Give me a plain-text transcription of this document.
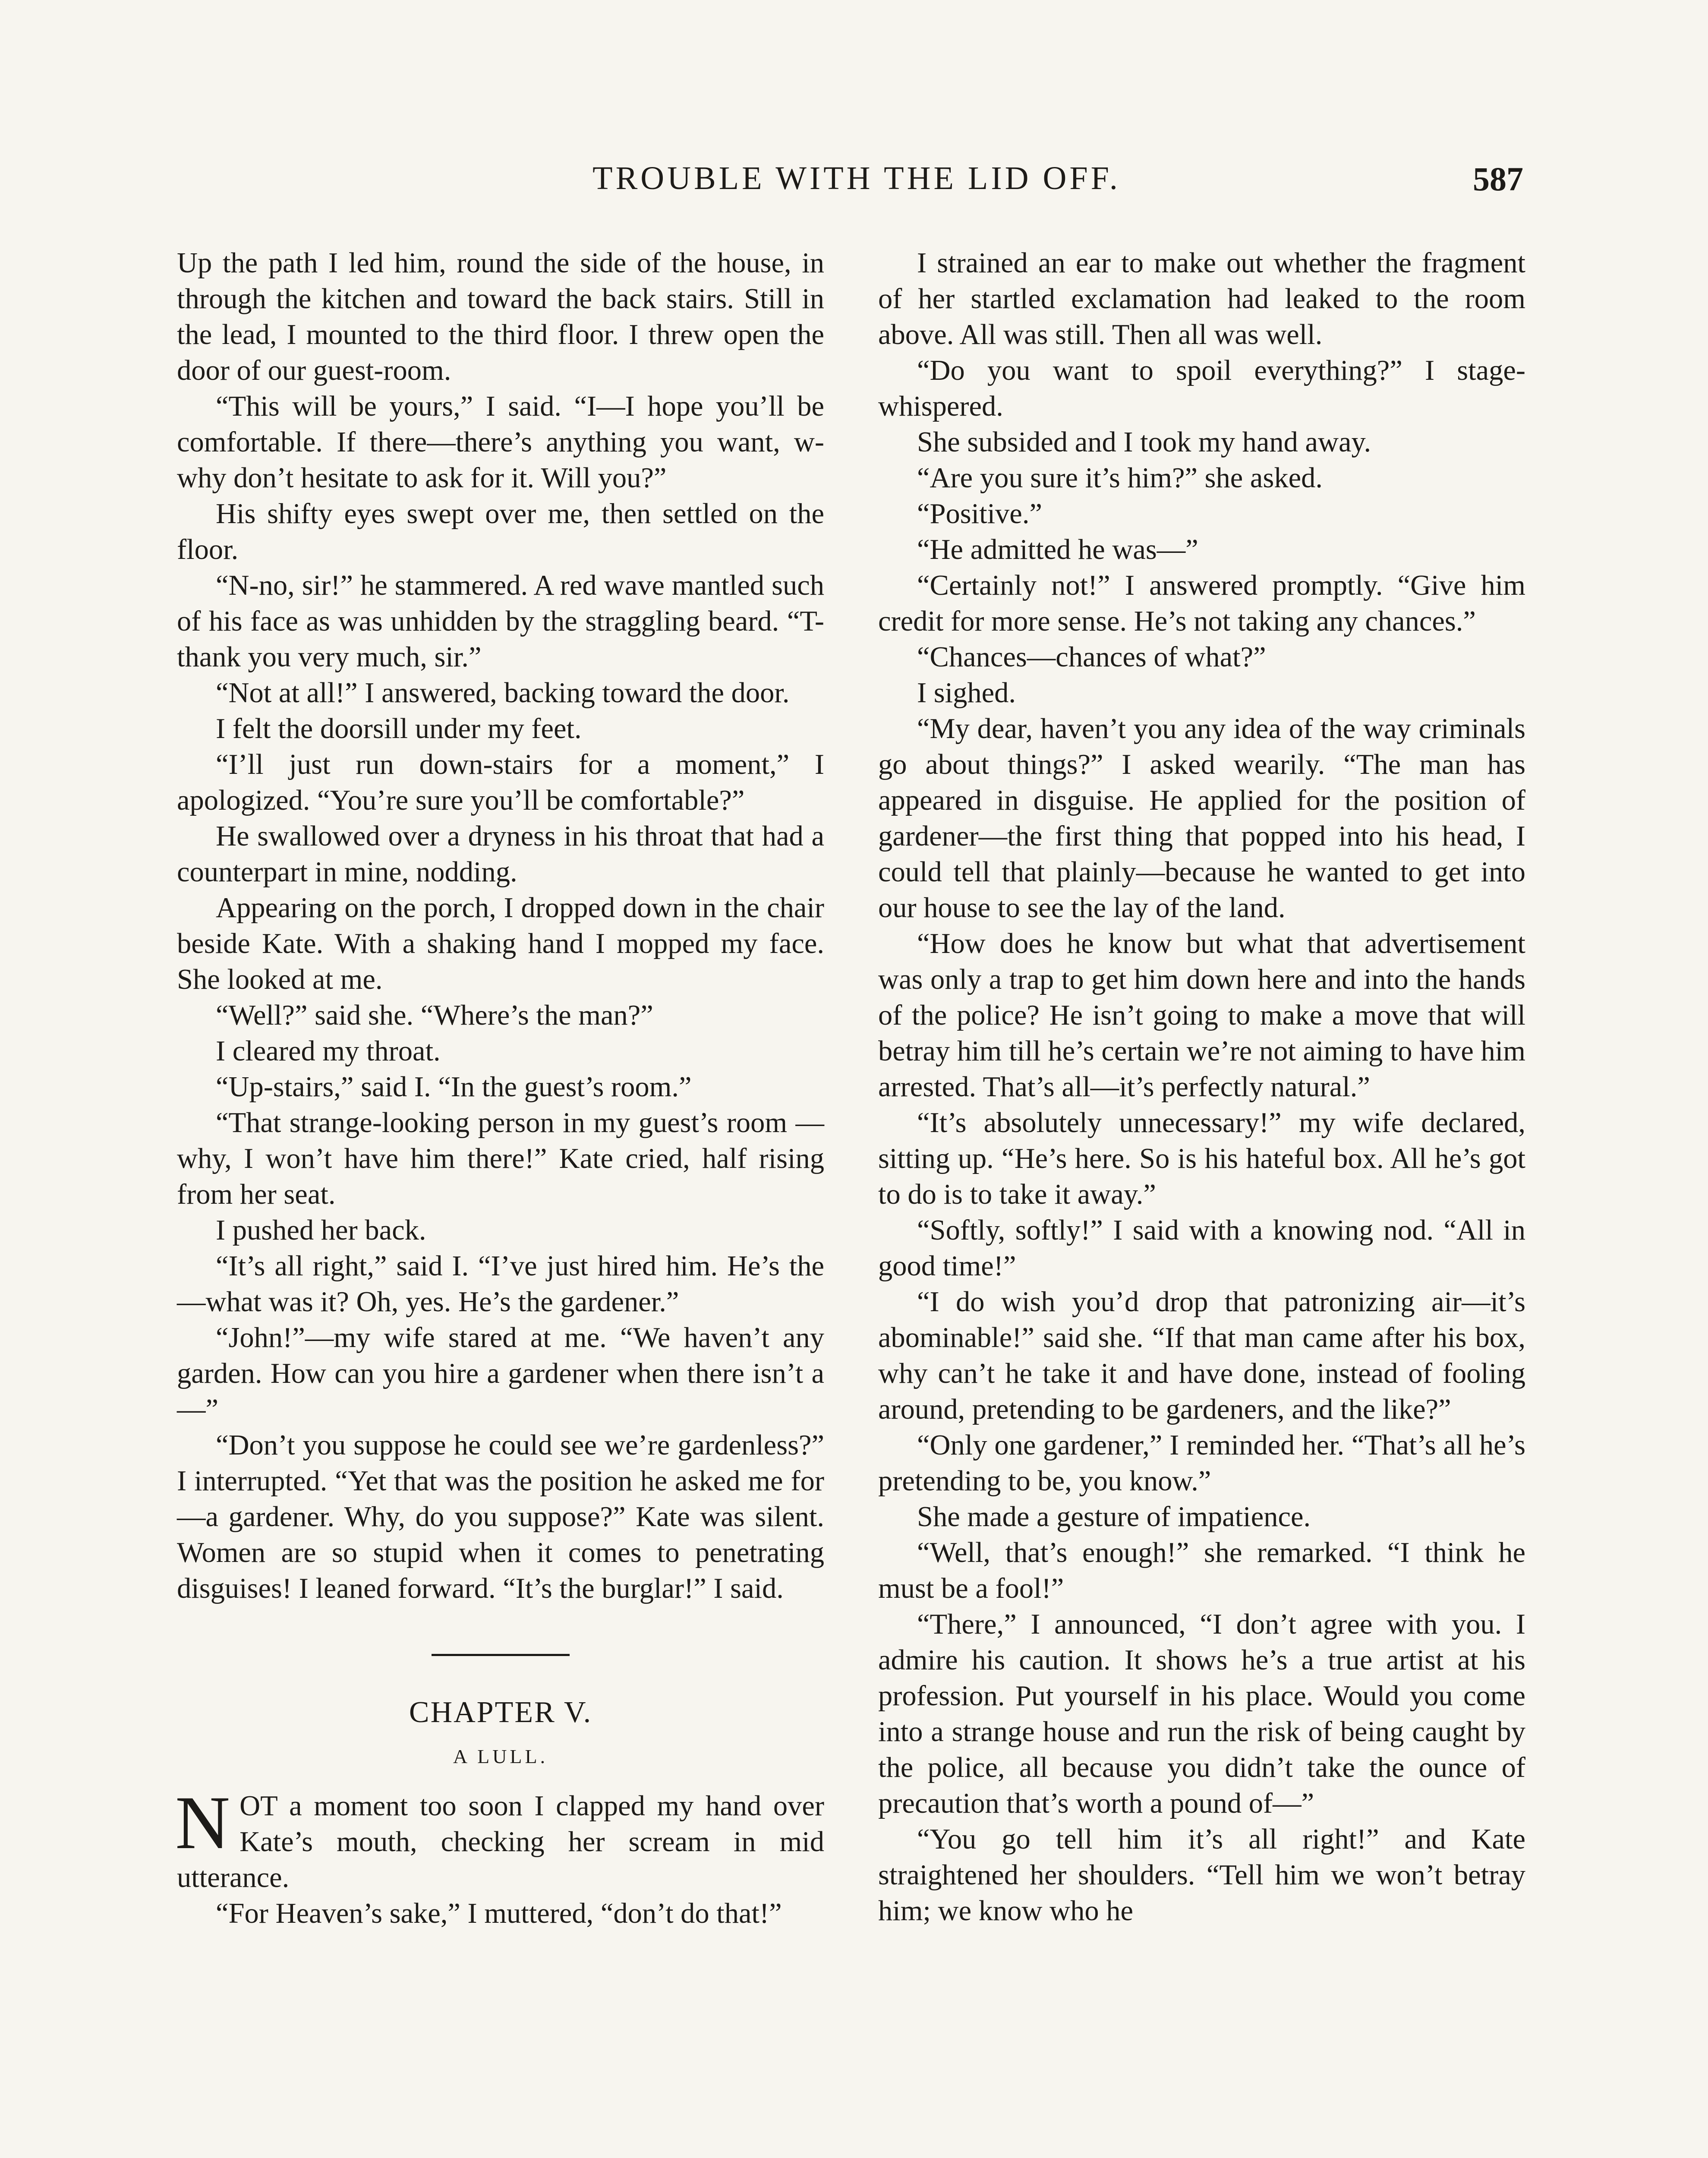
TROUBLE WITH THE LID OFF.	587

Up the path I led him, round the side of the house, in through the kitchen and toward the back stairs. Still in the lead, I mounted to the third floor. I threw open the door of our guest-room.

“This will be yours,” I said. “I—I hope you’ll be comfortable. If there—there’s anything you want, w-why don’t hesitate to ask for it. Will you?”

His shifty eyes swept over me, then settled on the floor.

“N-no, sir!” he stammered. A red wave mantled such of his face as was unhidden by the straggling beard. “T-thank you very much, sir.”

“Not at all!” I answered, backing toward the door.

I felt the doorsill under my feet.

“I’ll just run down-stairs for a moment,” I apologized. “You’re sure you’ll be comfortable?”

He swallowed over a dryness in his throat that had a counterpart in mine, nodding.

Appearing on the porch, I dropped down in the chair beside Kate. With a shaking hand I mopped my face. She looked at me.

“Well?” said she. “Where’s the man?”

I cleared my throat.

“Up-stairs,” said I. “In the guest’s room.”

“That strange-looking person in my guest’s room — why, I won’t have him there!” Kate cried, half rising from her seat.

I pushed her back.

“It’s all right,” said I. “I’ve just hired him. He’s the—what was it? Oh, yes. He’s the gardener.”

“John!”—my wife stared at me. “We haven’t any garden. How can you hire a gardener when there isn’t a—”

“Don’t you suppose he could see we’re gardenless?” I interrupted. “Yet that was the position he asked me for—a gardener. Why, do you suppose?” Kate was silent. Women are so stupid when it comes to penetrating disguises! I leaned forward. “It’s the burglar!” I said.

CHAPTER V.
A LULL.

NOT a moment too soon I clapped my hand over Kate’s mouth, checking her scream in mid utterance.

“For Heaven’s sake,” I muttered, “don’t do that!”

I strained an ear to make out whether the fragment of her startled exclamation had leaked to the room above. All was still. Then all was well.

“Do you want to spoil everything?” I stage-whispered.

She subsided and I took my hand away.

“Are you sure it’s him?” she asked.

“Positive.”

“He admitted he was—”

“Certainly not!” I answered promptly. “Give him credit for more sense. He’s not taking any chances.”

“Chances—chances of what?”

I sighed.

“My dear, haven’t you any idea of the way criminals go about things?” I asked wearily. “The man has appeared in disguise. He applied for the position of gardener—the first thing that popped into his head, I could tell that plainly—because he wanted to get into our house to see the lay of the land.

“How does he know but what that advertisement was only a trap to get him down here and into the hands of the police? He isn’t going to make a move that will betray him till he’s certain we’re not aiming to have him arrested. That’s all—it’s perfectly natural.”

“It’s absolutely unnecessary!” my wife declared, sitting up. “He’s here. So is his hateful box. All he’s got to do is to take it away.”

“Softly, softly!” I said with a knowing nod. “All in good time!”

“I do wish you’d drop that patronizing air—it’s abominable!” said she. “If that man came after his box, why can’t he take it and have done, instead of fooling around, pretending to be gardeners, and the like?”

“Only one gardener,” I reminded her. “That’s all he’s pretending to be, you know.”

She made a gesture of impatience.

“Well, that’s enough!” she remarked. “I think he must be a fool!”

“There,” I announced, “I don’t agree with you. I admire his caution. It shows he’s a true artist at his profession. Put yourself in his place. Would you come into a strange house and run the risk of being caught by the police, all because you didn’t take the ounce of precaution that’s worth a pound of—”

“You go tell him it’s all right!” and Kate straightened her shoulders. “Tell him we won’t betray him; we know who he
